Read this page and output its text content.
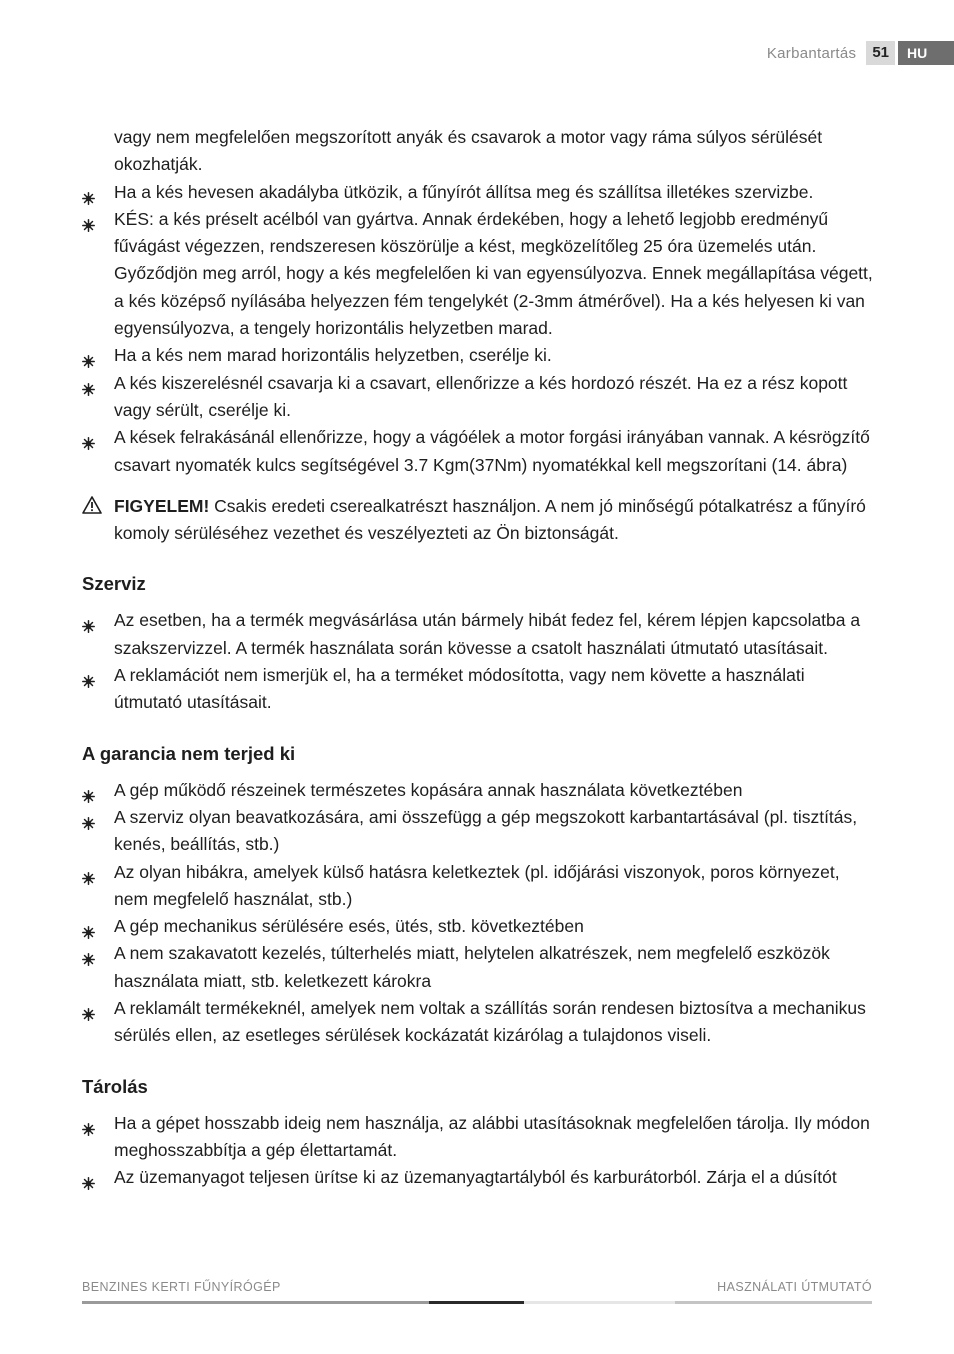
Karbantartás	51	HU
vagy nem megfelelően megszorított anyák és csavarok a motor vagy ráma súlyos sérülését okozhatják.
Ha a kés hevesen akadályba ütközik, a fűnyírót állítsa meg és szállítsa illetékes szervizbe.
KÉS: a kés préselt acélból van gyártva. Annak érdekében, hogy a lehető legjobb eredményű fűvágást végezzen, rendszeresen köszörülje a kést, megközelítőleg 25 óra üzemelés után. Győződjön meg arról, hogy a kés megfelelően ki van egyensúlyozva. Ennek megállapítása végett, a kés középső nyílásába helyezzen fém tengelykét (2-3mm átmérővel). Ha a kés helyesen ki van egyensúlyozva, a tengely horizontális helyzetben marad.
Ha a kés nem marad horizontális helyzetben, cserélje ki.
A kés kiszerelésnél csavarja ki a csavart, ellenőrizze a kés hordozó részét. Ha ez a rész kopott vagy sérült, cserélje ki.
A kések felrakásánál ellenőrizze, hogy a vágóélek a motor forgási irányában vannak. A késrögzítő csavart nyomaték kulcs segítségével 3.7 Kgm(37Nm) nyomatékkal kell megszorítani (14. ábra)
FIGYELEM! Csakis eredeti cserealkatrészt használjon. A nem jó minőségű pótalkatrész a fűnyíró komoly sérüléséhez vezethet és veszélyezteti az Ön biztonságát.
Szerviz
Az esetben, ha a termék megvásárlása után bármely hibát fedez fel, kérem lépjen kapcsolatba a szakszervizzel. A termék használata során kövesse a csatolt használati útmutató utasításait.
A reklamációt nem ismerjük el, ha a terméket módosította, vagy nem követte a használati útmutató utasításait.
A garancia nem terjed ki
A gép működő részeinek természetes kopására annak használata következtében
A szerviz olyan beavatkozására, ami összefügg a gép megszokott karbantartásával (pl. tisztítás, kenés, beállítás, stb.)
Az olyan hibákra, amelyek külső hatásra keletkeztek (pl. időjárási viszonyok, poros környezet, nem megfelelő használat, stb.)
A gép mechanikus sérülésére esés, ütés, stb. következtében
A nem szakavatott kezelés, túlterhelés miatt, helytelen alkatrészek, nem megfelelő eszközök használata miatt, stb. keletkezett károkra
A reklamált termékeknél, amelyek nem voltak a szállítás során rendesen biztosítva a mechanikus sérülés ellen, az esetleges sérülések kockázatát kizárólag a tulajdonos viseli.
Tárolás
Ha a gépet hosszabb ideig nem használja, az alábbi utasításoknak megfelelően tárolja. Ily módon meghosszabbítja a gép élettartamát.
Az üzemanyagot teljesen ürítse ki az üzemanyagtartályból és karburátorból. Zárja el a dúsítót
BENZINES KERTI FŰNYÍRÓGÉP	HASZNÁLATI ÚTMUTATÓ
